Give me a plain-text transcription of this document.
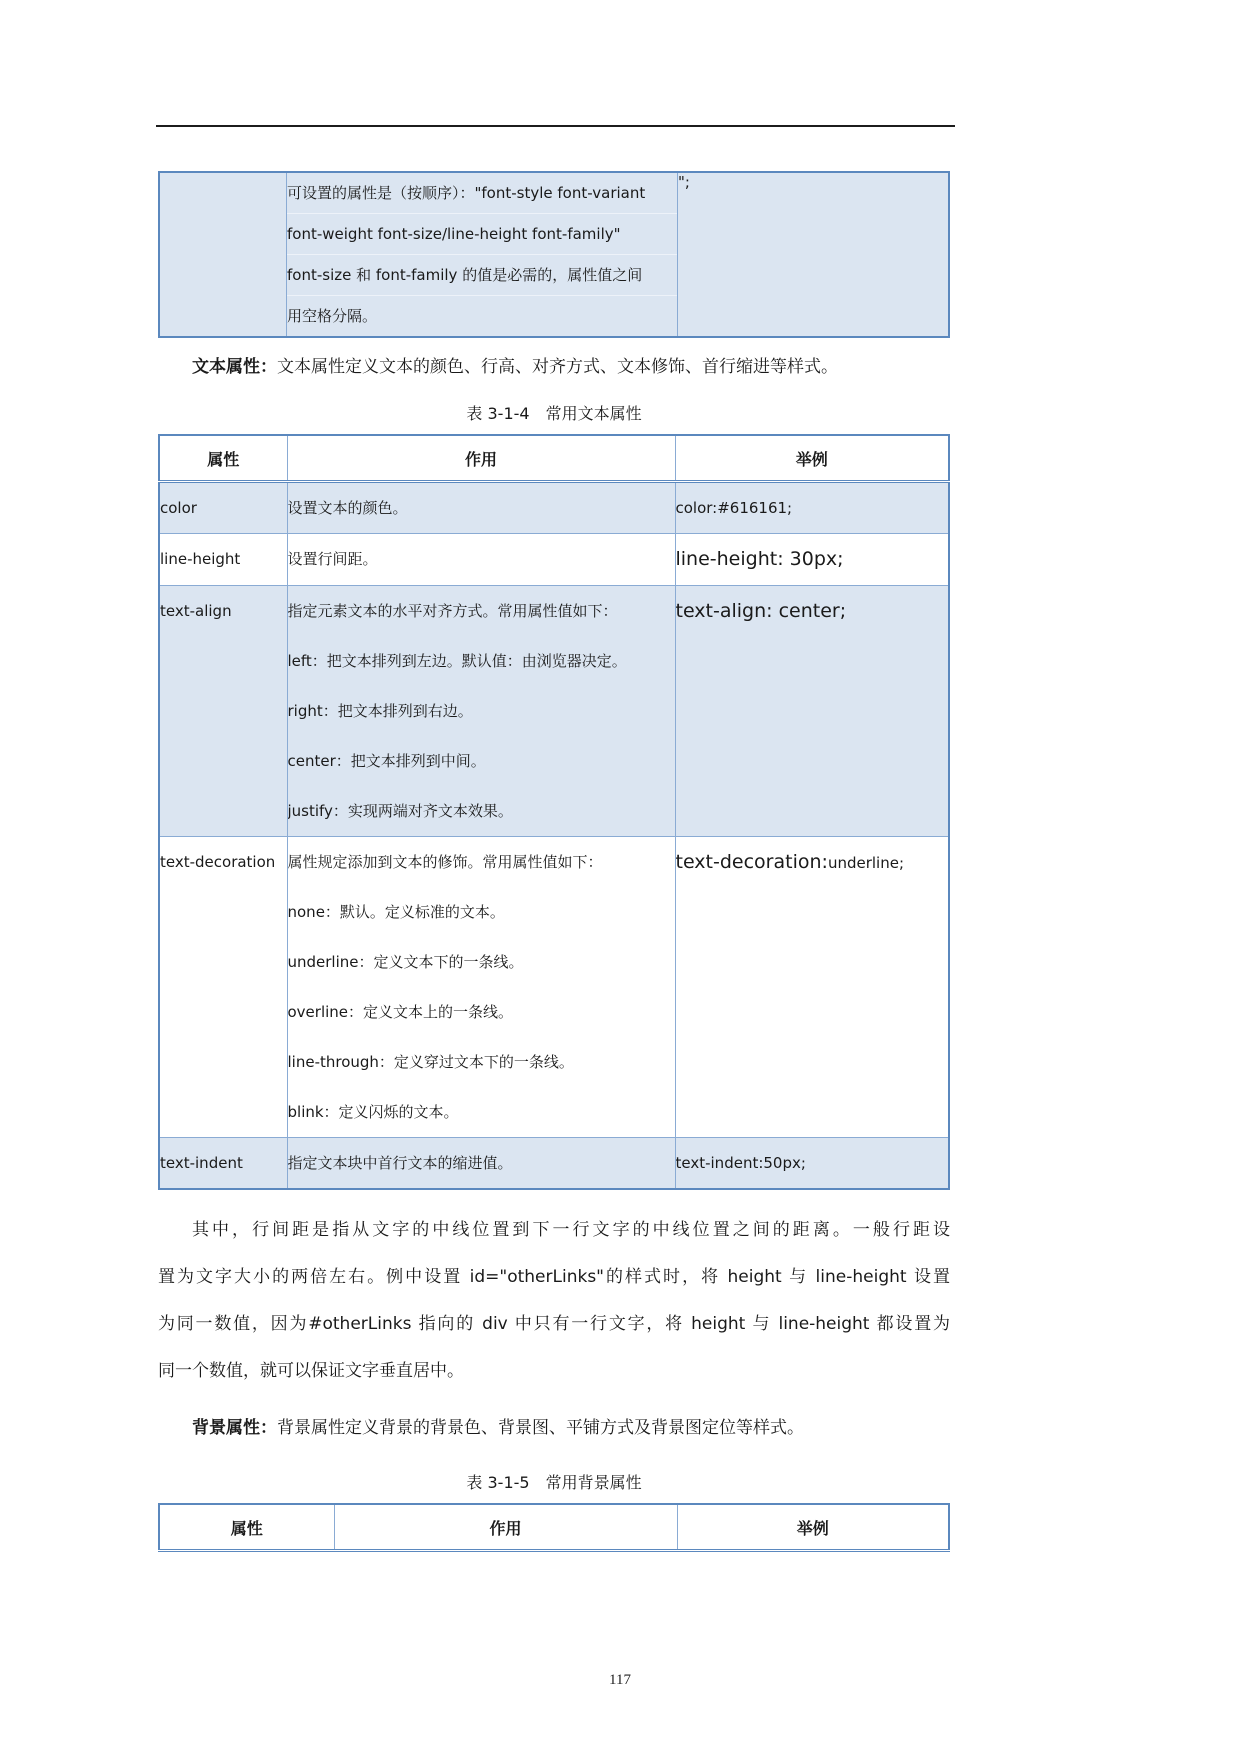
可设置的属性是（按顺序）："font-style font-variant
font-weight font-size/line-height font-family"
font-size 和 font-family 的值是必需的，属性值之间
用空格分隔。
	";

文本属性：文本属性定义文本的颜色、行高、对齐方式、文本修饰、首行缩进等样式。

表 3-1-4　常用文本属性

属性	作用	举例
color	设置文本的颜色。	color:#616161;
line-height	设置行间距。	line-height: 30px;
text-align	指定元素文本的水平对齐方式。常用属性值如下：
left：把文本排列到左边。默认值：由浏览器决定。
right：把文本排列到右边。
center：把文本排列到中间。
justify：实现两端对齐文本效果。	text-align: center;
text-decoration	属性规定添加到文本的修饰。常用属性值如下：
none：默认。定义标准的文本。
underline：定义文本下的一条线。
overline：定义文本上的一条线。
line-through：定义穿过文本下的一条线。
blink：定义闪烁的文本。
	text-decoration:underline;
text-indent	指定文本块中首行文本的缩进值。	text-indent:50px;
其中，行间距是指从文字的中线位置到下一行文字的中线位置之间的距离。一般行距设
置为文字大小的两倍左右。例中设置 id="otherLinks"的样式时，将 height 与 line-height 设置
为同一数值，因为#otherLinks 指向的 div 中只有一行文字，将 height 与 line-height 都设置为
同一个数值，就可以保证文字垂直居中。

背景属性：背景属性定义背景的背景色、背景图、平铺方式及背景图定位等样式。

表 3-1-5　常用背景属性

属性	作用	举例
117
